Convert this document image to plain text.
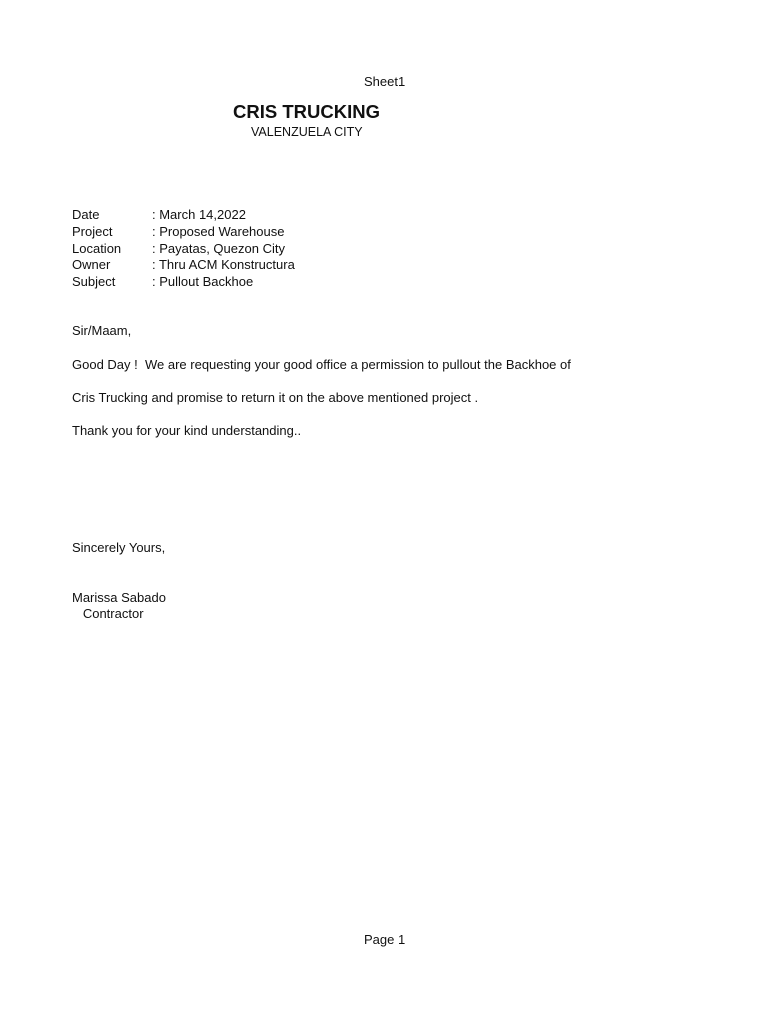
Sheet1
CRIS TRUCKING
VALENZUELA CITY
Date	: March 14,2022
Project	: Proposed Warehouse
Location : Payatas, Quezon City
Owner	: Thru ACM Konstructura
Subject	: Pullout Backhoe
Sir/Maam,
Good Day !  We are requesting your good office a permission to pullout the Backhoe of
Cris Trucking and promise to return it on the above mentioned project .
Thank you for your kind understanding..
Sincerely Yours,
Marissa Sabado
Contractor
Page 1
